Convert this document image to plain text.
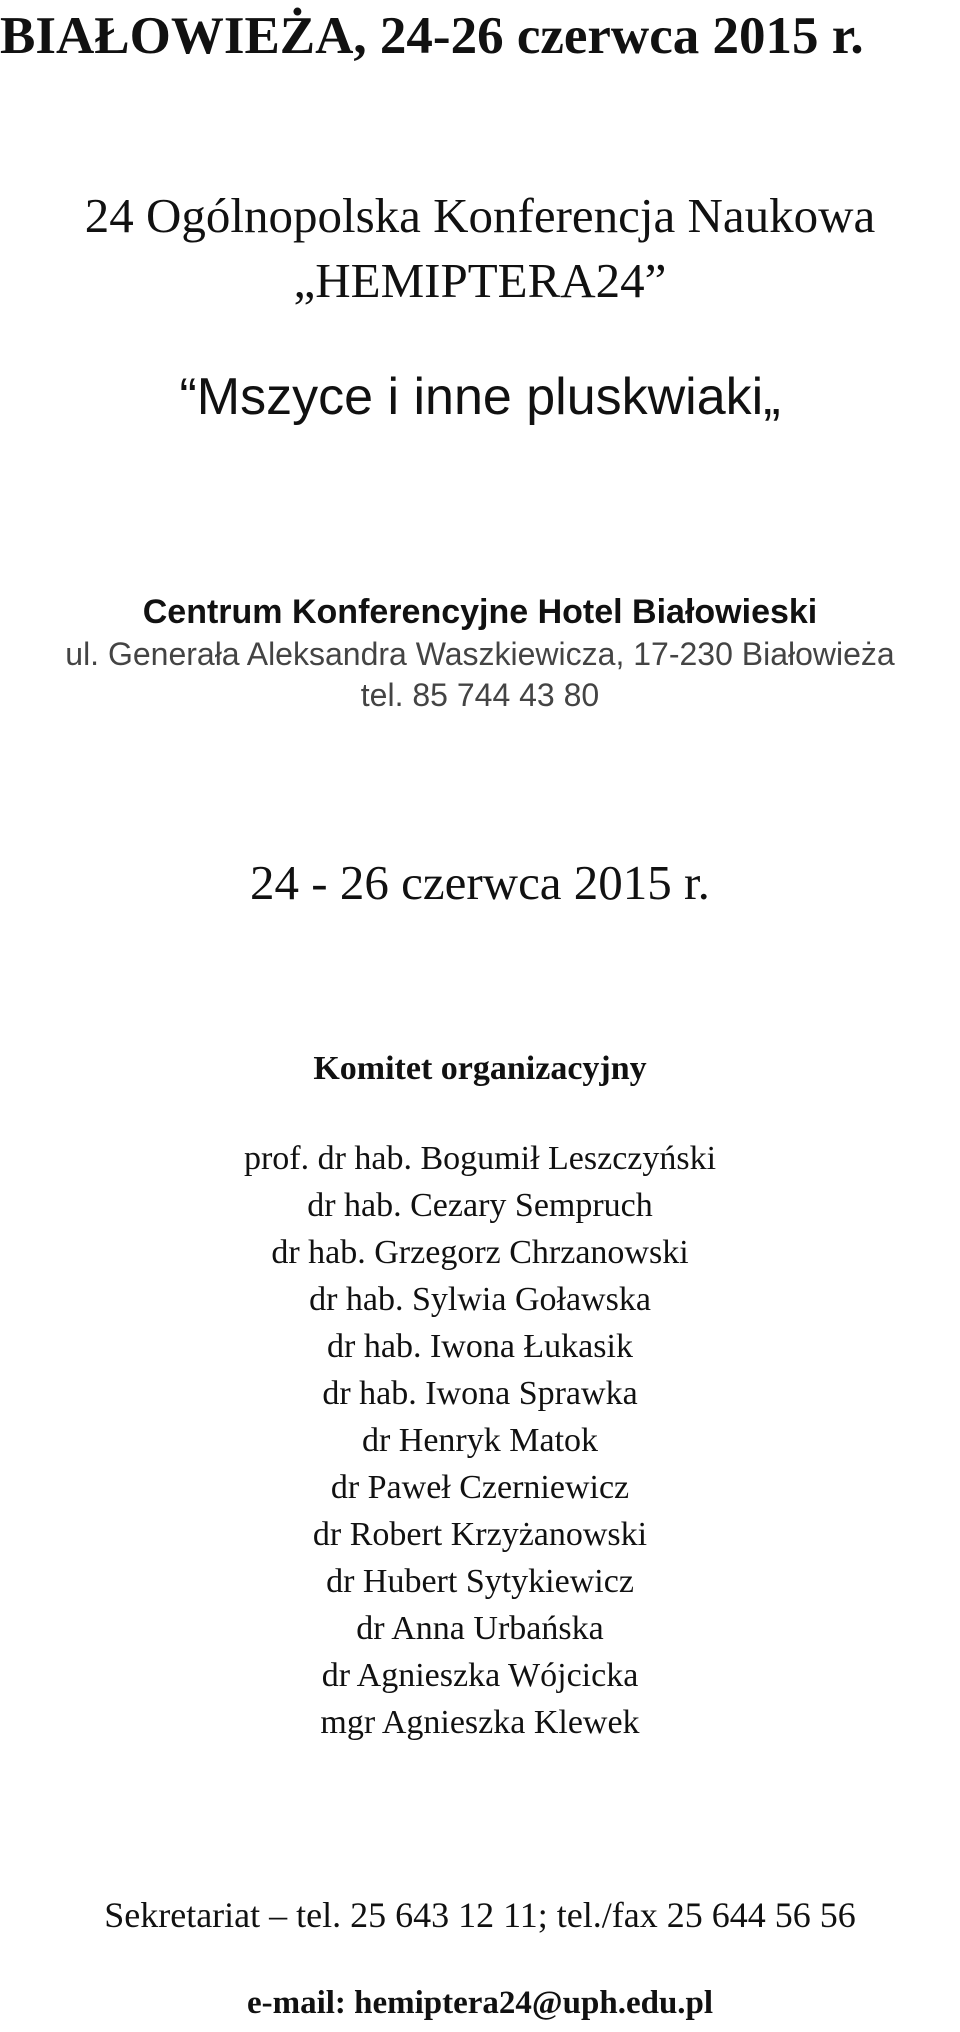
BIAŁOWIEŻA, 24-26 czerwca 2015 r.
24 Ogólnopolska Konferencja Naukowa
„HEMIPTERA24”
“Mszyce i inne pluskwiaki„
Centrum Konferencyjne Hotel Białowieski
ul. Generała Aleksandra Waszkiewicza, 17-230 Białowieża
tel. 85 744 43 80
24 - 26 czerwca 2015 r.
Komitet organizacyjny
prof. dr hab. Bogumił Leszczyński
dr hab. Cezary Sempruch
dr hab. Grzegorz Chrzanowski
dr hab. Sylwia Goławska
dr hab. Iwona Łukasik
dr hab. Iwona Sprawka
dr Henryk Matok
dr Paweł Czerniewicz
dr Robert Krzyżanowski
dr Hubert Sytykiewicz
dr Anna Urbańska
dr Agnieszka Wójcicka
mgr Agnieszka Klewek
Sekretariat – tel. 25 643 12 11; tel./fax 25 644 56 56
e-mail: hemiptera24@uph.edu.pl
